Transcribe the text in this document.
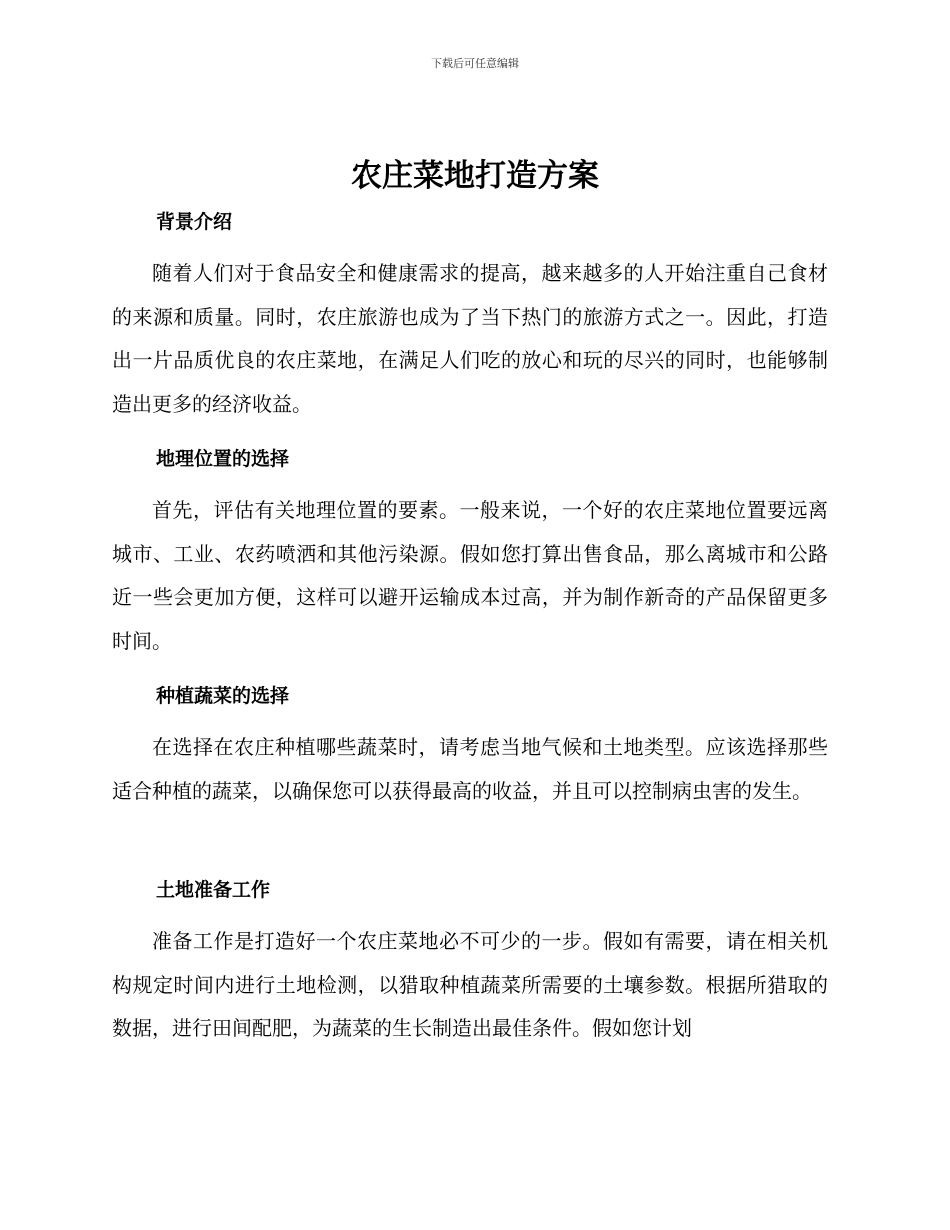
下载后可任意编辑
农庄菜地打造方案
背景介绍

随着人们对于食品安全和健康需求的提高，越来越多的人开始注重自己食材的来源和质量。同时，农庄旅游也成为了当下热门的旅游方式之一。因此，打造出一片品质优良的农庄菜地，在满足人们吃的放心和玩的尽兴的同时，也能够制造出更多的经济收益。

地理位置的选择

首先，评估有关地理位置的要素。一般来说，一个好的农庄菜地位置要远离城市、工业、农药喷洒和其他污染源。假如您打算出售食品，那么离城市和公路近一些会更加方便，这样可以避开运输成本过高，并为制作新奇的产品保留更多时间。

种植蔬菜的选择

在选择在农庄种植哪些蔬菜时，请考虑当地气候和土地类型。应该选择那些适合种植的蔬菜，以确保您可以获得最高的收益，并且可以控制病虫害的发生。

土地准备工作

准备工作是打造好一个农庄菜地必不可少的一步。假如有需要，请在相关机构规定时间内进行土地检测，以猎取种植蔬菜所需要的土壤参数。根据所猎取的数据，进行田间配肥，为蔬菜的生长制造出最佳条件。假如您计划
